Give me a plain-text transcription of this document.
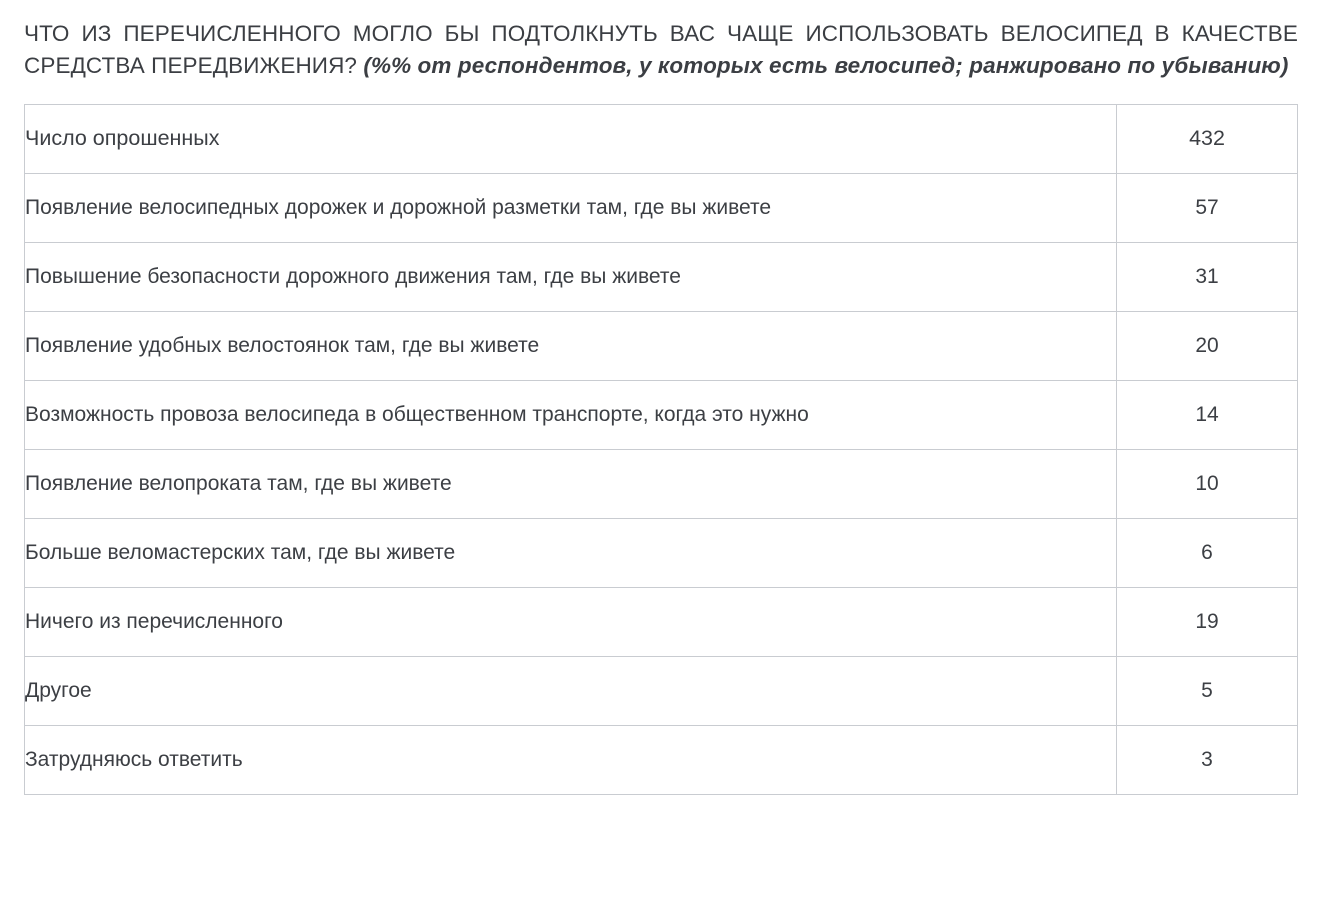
ЧТО ИЗ ПЕРЕЧИСЛЕННОГО МОГЛО БЫ ПОДТОЛКНУТЬ ВАС ЧАЩЕ ИСПОЛЬЗОВАТЬ ВЕЛОСИПЕД В КАЧЕСТВЕ СРЕДСТВА ПЕРЕДВИЖЕНИЯ? (%% от респондентов, у которых есть велосипед; ранжировано по убыванию)
Число опрошенных	432
Появление велосипедных дорожек и дорожной разметки там, где вы живете	57
Повышение безопасности дорожного движения там, где вы живете	31
Появление удобных велостоянок там, где вы живете	20
Возможность провоза велосипеда в общественном транспорте, когда это нужно	14
Появление велопроката там, где вы живете	10
Больше веломастерских там, где вы живете	6
Ничего из перечисленного	19
Другое	5
Затрудняюсь ответить	3
